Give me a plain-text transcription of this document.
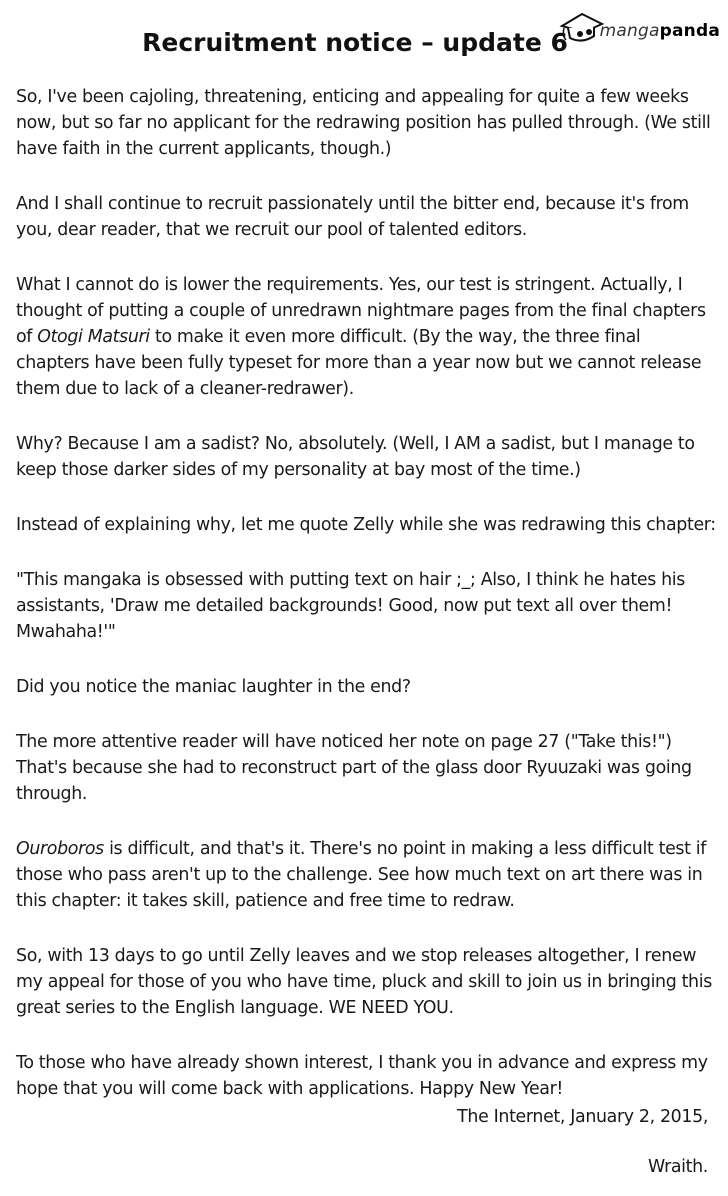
mangapanda
Recruitment notice – update 6

So, I've been cajoling, threatening, enticing and appealing for quite a few weeks now, but so far no applicant for the redrawing position has pulled through. (We still have faith in the current applicants, though.)

And I shall continue to recruit passionately until the bitter end, because it's from you, dear reader, that we recruit our pool of talented editors.

What I cannot do is lower the requirements. Yes, our test is stringent. Actually, I thought of putting a couple of unredrawn nightmare pages from the final chapters of Otogi Matsuri to make it even more difficult. (By the way, the three final chapters have been fully typeset for more than a year now but we cannot release them due to lack of a cleaner-redrawer).

Why? Because I am a sadist? No, absolutely. (Well, I AM a sadist, but I manage to keep those darker sides of my personality at bay most of the time.)

Instead of explaining why, let me quote Zelly while she was redrawing this chapter:

"This mangaka is obsessed with putting text on hair ;_; Also, I think he hates his assistants, 'Draw me detailed backgrounds! Good, now put text all over them! Mwahaha!'"

Did you notice the maniac laughter in the end?

The more attentive reader will have noticed her note on page 27 ("Take this!") That's because she had to reconstruct part of the glass door Ryuuzaki was going through.

Ouroboros is difficult, and that's it. There's no point in making a less difficult test if those who pass aren't up to the challenge. See how much text on art there was in this chapter: it takes skill, patience and free time to redraw.

So, with 13 days to go until Zelly leaves and we stop releases altogether, I renew my appeal for those of you who have time, pluck and skill to join us in bringing this great series to the English language. WE NEED YOU.

To those who have already shown interest, I thank you in advance and express my hope that you will come back with applications. Happy New Year!

The Internet, January 2, 2015,
Wraith.
